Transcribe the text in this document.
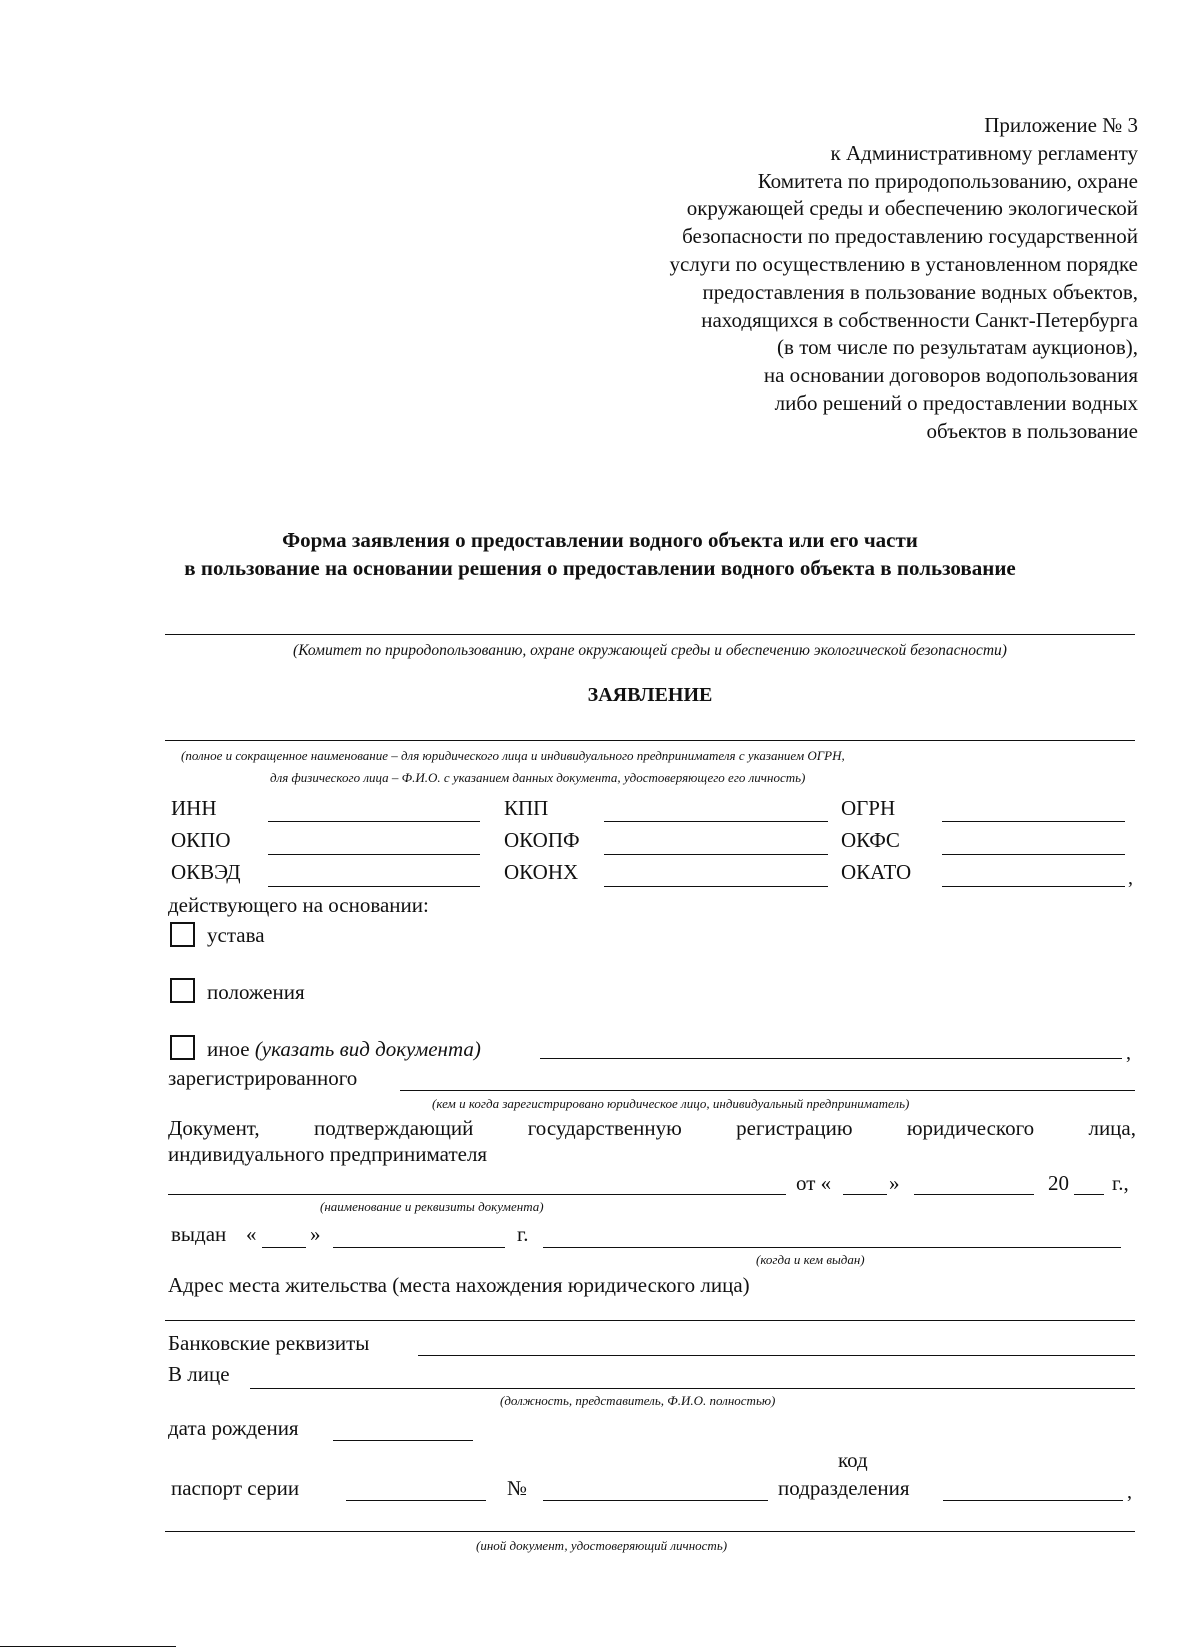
Приложение № 3
к Административному регламенту
Комитета по природопользованию, охране
окружающей среды и обеспечению экологической
безопасности по предоставлению государственной
услуги по осуществлению в установленном порядке
предоставления в пользование водных объектов,
находящихся в собственности Санкт-Петербурга
(в том числе по результатам аукционов),
на основании договоров водопользования
либо решений о предоставлении водных
объектов в пользование
Форма заявления о предоставлении водного объекта или его части
в пользование на основании решения о предоставлении водного объекта в пользование
(Комитет по природопользованию, охране окружающей среды и обеспечению экологической безопасности)
ЗАЯВЛЕНИЕ
(полное и сокращенное наименование – для юридического лица и индивидуального предпринимателя с указанием ОГРН,
для физического лица – Ф.И.О. с указанием данных документа, удостоверяющего его личность)
ИНН	КПП	ОГРН
ОКПО	ОКОПФ	ОКФС
ОКВЭД	ОКОНХ	ОКАТО	,
действующего на основании:
устава
положения
иное (указать вид документа)	,
зарегистрированного
(кем и когда зарегистрировано юридическое лицо, индивидуальный предприниматель)
Документ,	подтверждающий	государственную	регистрацию	юридического	лица,
индивидуального предпринимателя
от «	»	20 г.,
(наименование и реквизиты документа)
выдан «	»	г.
(когда и кем выдан)
Адрес места жительства (места нахождения юридического лица)
Банковские реквизиты
В лице
(должность, представитель, Ф.И.О. полностью)
дата рождения
паспорт серии	№
код
подразделения	,
(иной документ, удостоверяющий личность)
